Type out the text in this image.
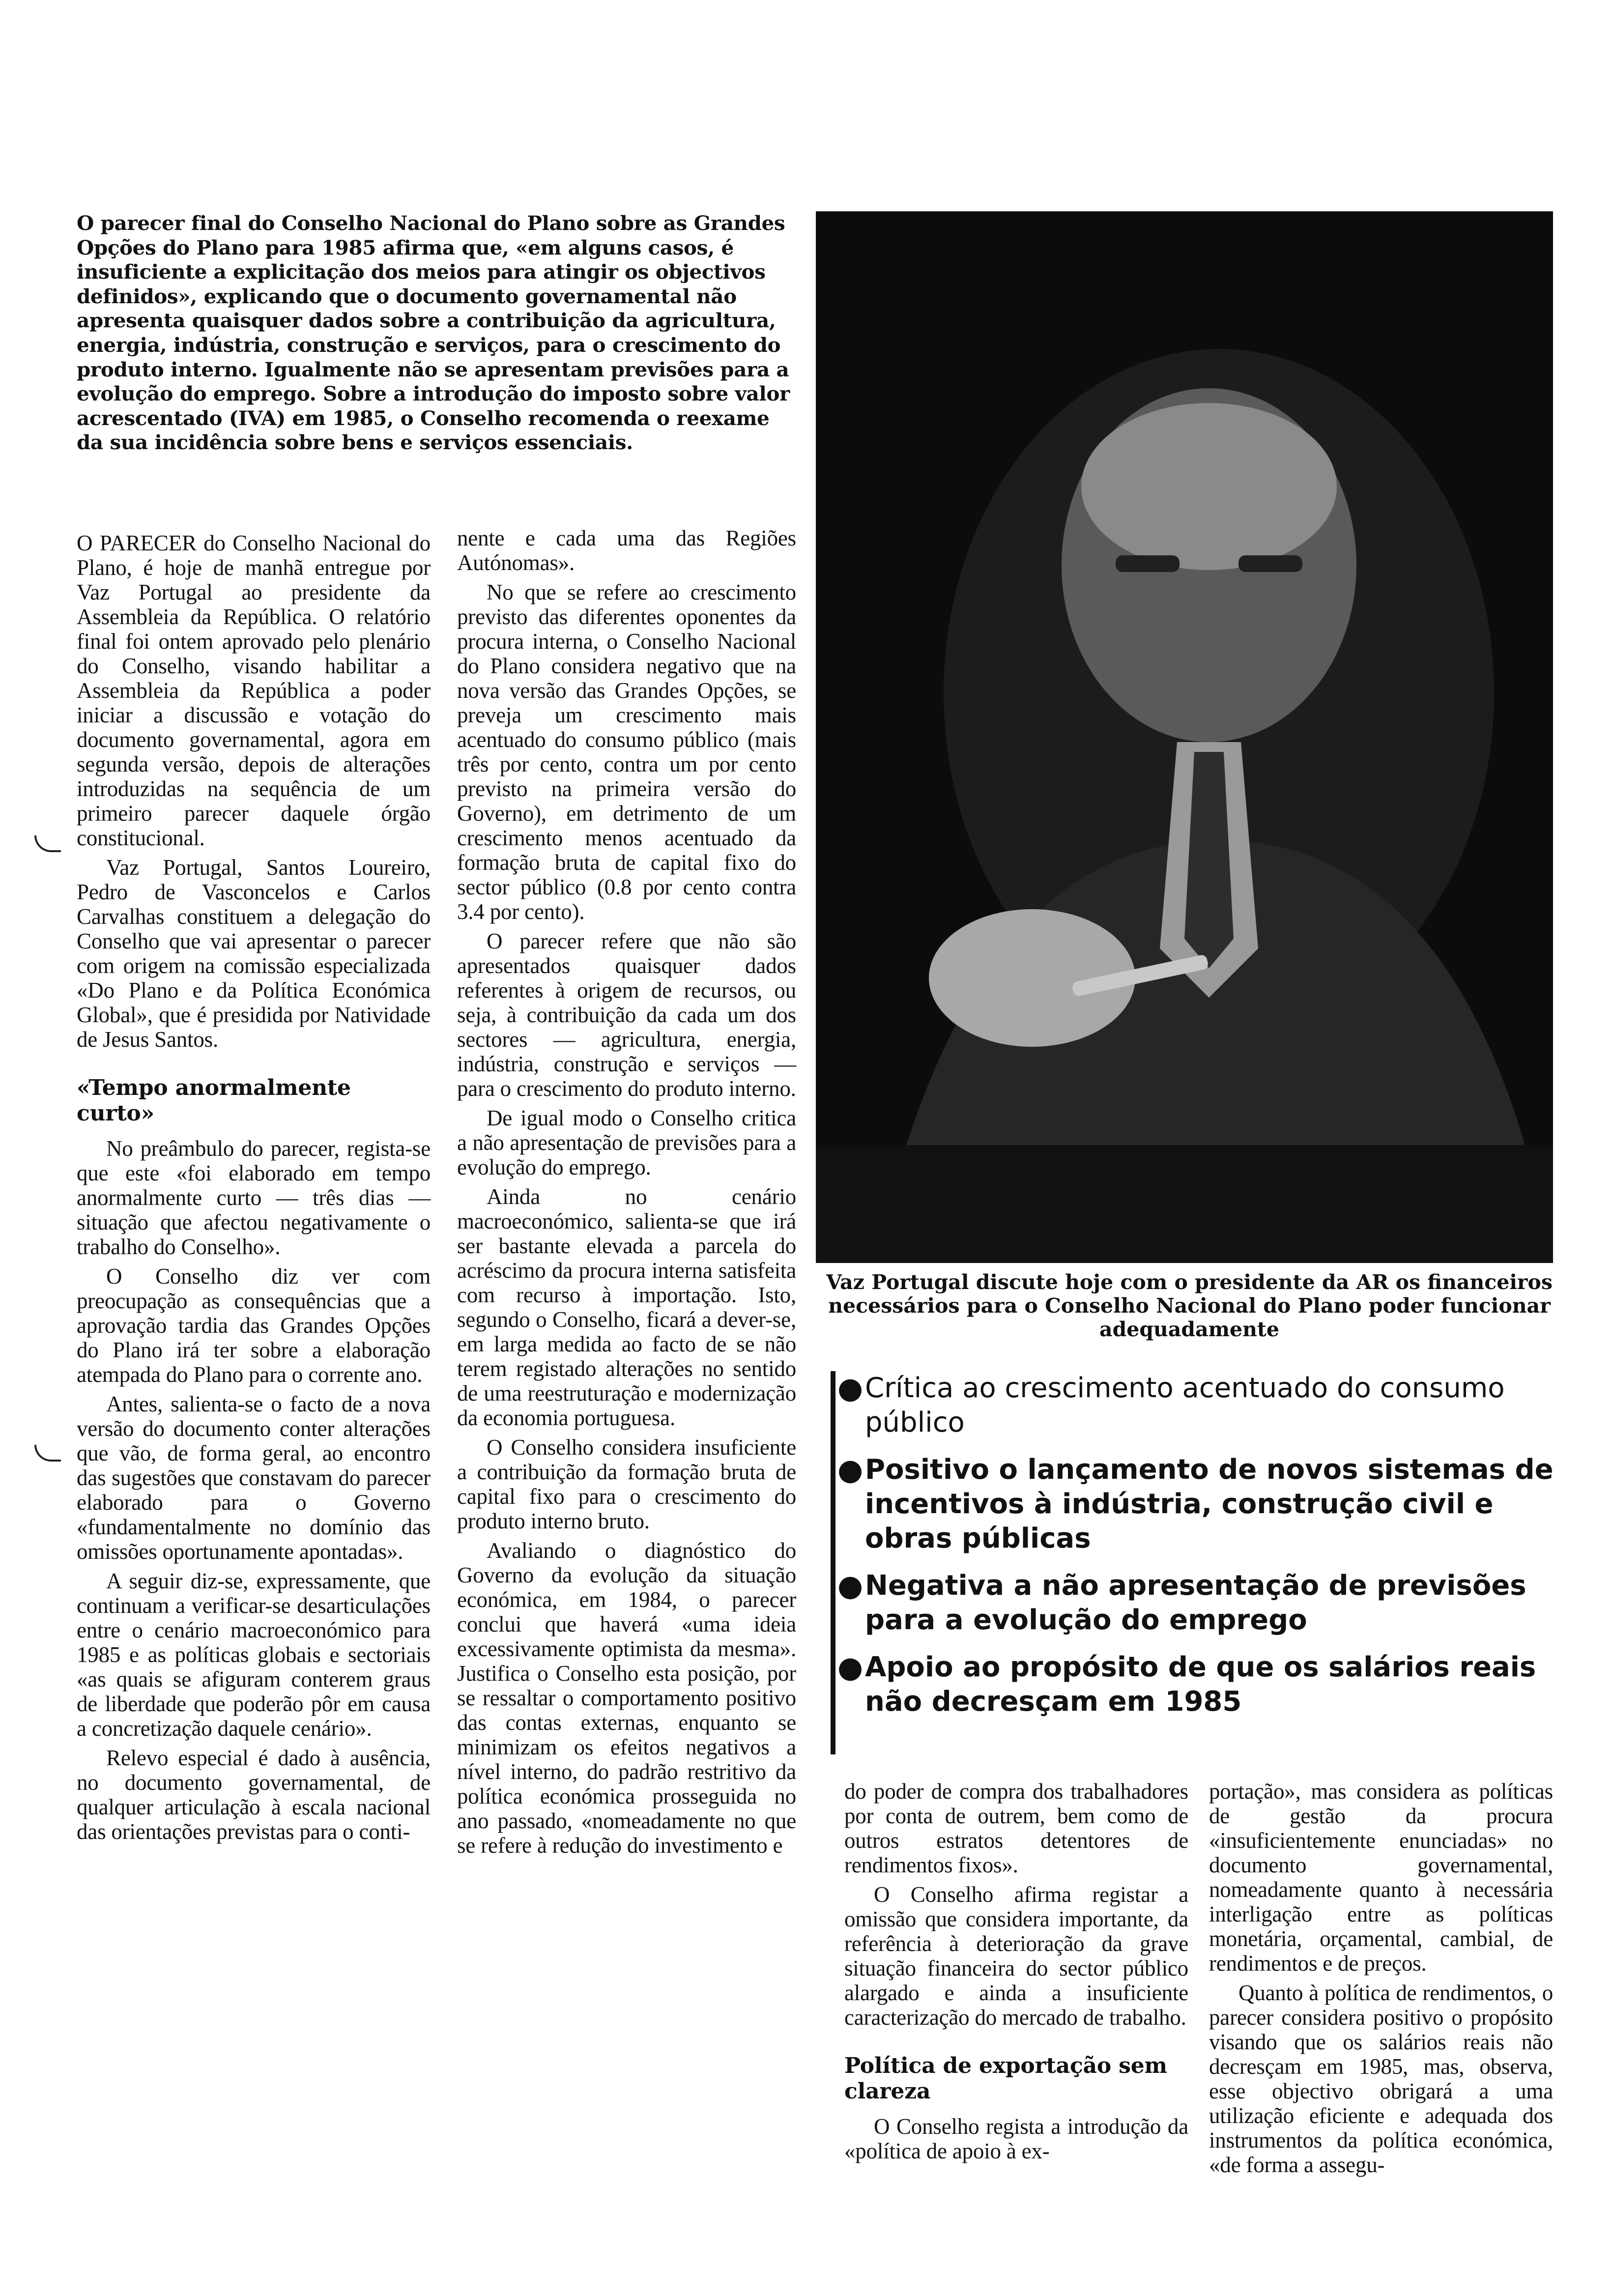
O parecer final do Conselho Nacional do Plano sobre as Grandes Opções do Plano para 1985 afirma que, «em alguns casos, é insuficiente a explicitação dos meios para atingir os objectivos definidos», explicando que o documento governamental não apresenta quaisquer dados sobre a contribuição da agricultura, energia, indústria, construção e serviços, para o crescimento do produto interno. Igualmente não se apresentam previsões para a evolução do emprego. Sobre a introdução do imposto sobre valor acrescentado (IVA) em 1985, o Conselho recomenda o reexame da sua incidência sobre bens e serviços essenciais.

O PARECER do Conselho Nacional do Plano, é hoje de manhã entregue por Vaz Portugal ao presidente da Assembleia da República. O relatório final foi ontem aprovado pelo plenário do Conselho, visando habilitar a Assembleia da República a poder iniciar a discussão e votação do documento governamental, agora em segunda versão, depois de alterações introduzidas na sequência de um primeiro parecer daquele órgão constitucional.

Vaz Portugal, Santos Loureiro, Pedro de Vasconcelos e Carlos Carvalhas constituem a delegação do Conselho que vai apresentar o parecer com origem na comissão especializada «Do Plano e da Política Económica Global», que é presidida por Natividade de Jesus Santos.

«Tempo anormalmente curto»

No preâmbulo do parecer, regista-se que este «foi elaborado em tempo anormalmente curto — três dias — situação que afectou negativamente o trabalho do Conselho».

O Conselho diz ver com preocupação as consequências que a aprovação tardia das Grandes Opções do Plano irá ter sobre a elaboração atempada do Plano para o corrente ano.

Antes, salienta-se o facto de a nova versão do documento conter alterações que vão, de forma geral, ao encontro das sugestões que constavam do parecer elaborado para o Governo «fundamentalmente no domínio das omissões oportunamente apontadas».

A seguir diz-se, expressamente, que continuam a verificar-se desarticulações entre o cenário macroeconómico para 1985 e as políticas globais e sectoriais «as quais se afiguram conterem graus de liberdade que poderão pôr em causa a concretização daquele cenário».

Relevo especial é dado à ausência, no documento governamental, de qualquer articulação à escala nacional das orientações previstas para o conti-

nente e cada uma das Regiões Autónomas».

No que se refere ao crescimento previsto das diferentes oponentes da procura interna, o Conselho Nacional do Plano considera negativo que na nova versão das Grandes Opções, se preveja um crescimento mais acentuado do consumo público (mais três por cento, contra um por cento previsto na primeira versão do Governo), em detrimento de um crescimento menos acentuado da formação bruta de capital fixo do sector público (0.8 por cento contra 3.4 por cento).

O parecer refere que não são apresentados quaisquer dados referentes à origem de recursos, ou seja, à contribuição da cada um dos sectores — agricultura, energia, indústria, construção e serviços — para o crescimento do produto interno.

De igual modo o Conselho critica a não apresentação de previsões para a evolução do emprego.

Ainda no cenário macroeconómico, salienta-se que irá ser bastante elevada a parcela do acréscimo da procura interna satisfeita com recurso à importação. Isto, segundo o Conselho, ficará a dever-se, em larga medida ao facto de se não terem registado alterações no sentido de uma reestruturação e modernização da economia portuguesa.

O Conselho considera insuficiente a contribuição da formação bruta de capital fixo para o crescimento do produto interno bruto.

Avaliando o diagnóstico do Governo da evolução da situação económica, em 1984, o parecer conclui que haverá «uma ideia excessivamente optimista da mesma». Justifica o Conselho esta posição, por se ressaltar o comportamento positivo das contas externas, enquanto se minimizam os efeitos negativos a nível interno, do padrão restritivo da política económica prosseguida no ano passado, «nomeadamente no que se refere à redução do investimento e

Vaz Portugal discute hoje com o presidente da AR os financeiros necessários para o Conselho Nacional do Plano poder funcionar adequadamente
● Crítica ao crescimento acentuado do consumo público
● Positivo o lançamento de novos sistemas de incentivos à indústria, construção civil e obras públicas
● Negativa a não apresentação de previsões para a evolução do emprego
● Apoio ao propósito de que os salários reais não decresçam em 1985

do poder de compra dos trabalhadores por conta de outrem, bem como de outros estratos detentores de rendimentos fixos».

O Conselho afirma registar a omissão que considera importante, da referência à deterioração da grave situação financeira do sector público alargado e ainda a insuficiente caracterização do mercado de trabalho.

Política de exportação sem clareza

O Conselho regista a introdução da «política de apoio à ex-

portação», mas considera as políticas de gestão da procura «insuficientemente enunciadas» no documento governamental, nomeadamente quanto à necessária interligação entre as políticas monetária, orçamental, cambial, de rendimentos e de preços.

Quanto à política de rendimentos, o parecer considera positivo o propósito visando que os salários reais não decresçam em 1985, mas, observa, esse objectivo obrigará a uma utilização eficiente e adequada dos instrumentos da política económica, «de forma a assegu-
